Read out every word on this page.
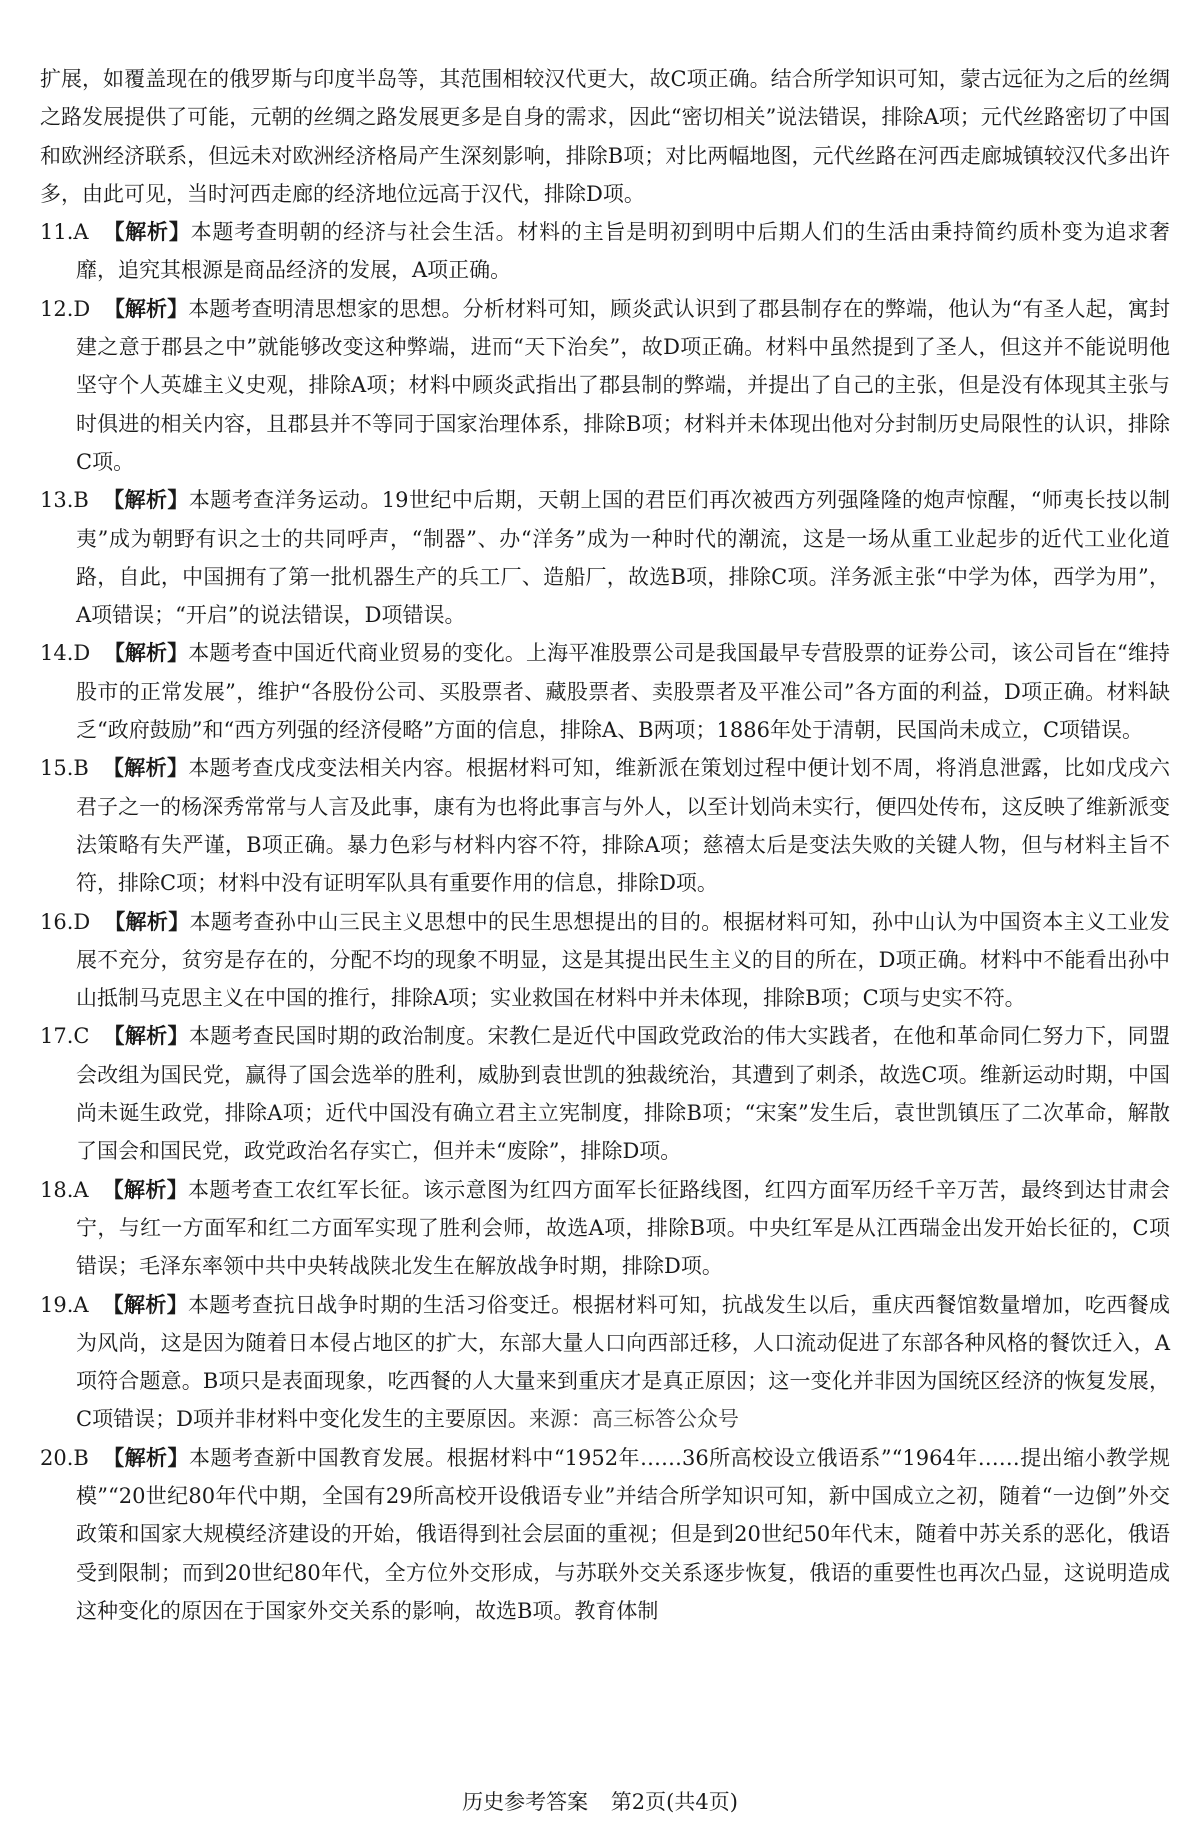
扩展，如覆盖现在的俄罗斯与印度半岛等，其范围相较汉代更大，故C项正确。结合所学知识可知，蒙古远征为之后的丝绸之路发展提供了可能，元朝的丝绸之路发展更多是自身的需求，因此“密切相关”说法错误，排除A项；元代丝路密切了中国和欧洲经济联系，但远未对欧洲经济格局产生深刻影响，排除B项；对比两幅地图，元代丝路在河西走廊城镇较汉代多出许多，由此可见，当时河西走廊的经济地位远高于汉代，排除D项。

11.A 【解析】本题考查明朝的经济与社会生活。材料的主旨是明初到明中后期人们的生活由秉持简约质朴变为追求奢靡，追究其根源是商品经济的发展，A项正确。

12.D 【解析】本题考查明清思想家的思想。分析材料可知，顾炎武认识到了郡县制存在的弊端，他认为“有圣人起，寓封建之意于郡县之中”就能够改变这种弊端，进而“天下治矣”，故D项正确。材料中虽然提到了圣人，但这并不能说明他坚守个人英雄主义史观，排除A项；材料中顾炎武指出了郡县制的弊端，并提出了自己的主张，但是没有体现其主张与时俱进的相关内容，且郡县并不等同于国家治理体系，排除B项；材料并未体现出他对分封制历史局限性的认识，排除C项。

13.B 【解析】本题考查洋务运动。19世纪中后期，天朝上国的君臣们再次被西方列强隆隆的炮声惊醒，“师夷长技以制夷”成为朝野有识之士的共同呼声，“制器”、办“洋务”成为一种时代的潮流，这是一场从重工业起步的近代工业化道路，自此，中国拥有了第一批机器生产的兵工厂、造船厂，故选B项，排除C项。洋务派主张“中学为体，西学为用”，A项错误；“开启”的说法错误，D项错误。

14.D 【解析】本题考查中国近代商业贸易的变化。上海平准股票公司是我国最早专营股票的证券公司，该公司旨在“维持股市的正常发展”，维护“各股份公司、买股票者、藏股票者、卖股票者及平准公司”各方面的利益，D项正确。材料缺乏“政府鼓励”和“西方列强的经济侵略”方面的信息，排除A、B两项；1886年处于清朝，民国尚未成立，C项错误。

15.B 【解析】本题考查戊戌变法相关内容。根据材料可知，维新派在策划过程中便计划不周，将消息泄露，比如戊戌六君子之一的杨深秀常常与人言及此事，康有为也将此事言与外人，以至计划尚未实行，便四处传布，这反映了维新派变法策略有失严谨，B项正确。暴力色彩与材料内容不符，排除A项；慈禧太后是变法失败的关键人物，但与材料主旨不符，排除C项；材料中没有证明军队具有重要作用的信息，排除D项。

16.D 【解析】本题考查孙中山三民主义思想中的民生思想提出的目的。根据材料可知，孙中山认为中国资本主义工业发展不充分，贫穷是存在的，分配不均的现象不明显，这是其提出民生主义的目的所在，D项正确。材料中不能看出孙中山抵制马克思主义在中国的推行，排除A项；实业救国在材料中并未体现，排除B项；C项与史实不符。

17.C 【解析】本题考查民国时期的政治制度。宋教仁是近代中国政党政治的伟大实践者，在他和革命同仁努力下，同盟会改组为国民党，赢得了国会选举的胜利，威胁到袁世凯的独裁统治，其遭到了刺杀，故选C项。维新运动时期，中国尚未诞生政党，排除A项；近代中国没有确立君主立宪制度，排除B项；“宋案”发生后，袁世凯镇压了二次革命，解散了国会和国民党，政党政治名存实亡，但并未“废除”，排除D项。

18.A 【解析】本题考查工农红军长征。该示意图为红四方面军长征路线图，红四方面军历经千辛万苦，最终到达甘肃会宁，与红一方面军和红二方面军实现了胜利会师，故选A项，排除B项。中央红军是从江西瑞金出发开始长征的，C项错误；毛泽东率领中共中央转战陕北发生在解放战争时期，排除D项。

19.A 【解析】本题考查抗日战争时期的生活习俗变迁。根据材料可知，抗战发生以后，重庆西餐馆数量增加，吃西餐成为风尚，这是因为随着日本侵占地区的扩大，东部大量人口向西部迁移，人口流动促进了东部各种风格的餐饮迁入，A项符合题意。B项只是表面现象，吃西餐的人大量来到重庆才是真正原因；这一变化并非因为国统区经济的恢复发展，C项错误；D项并非材料中变化发生的主要原因。来源：高三标答公众号

20.B 【解析】本题考查新中国教育发展。根据材料中“1952年……36所高校设立俄语系”“1964年……提出缩小教学规模”“20世纪80年代中期，全国有29所高校开设俄语专业”并结合所学知识可知，新中国成立之初，随着“一边倒”外交政策和国家大规模经济建设的开始，俄语得到社会层面的重视；但是到20世纪50年代末，随着中苏关系的恶化，俄语受到限制；而到20世纪80年代，全方位外交形成，与苏联外交关系逐步恢复，俄语的重要性也再次凸显，这说明造成这种变化的原因在于国家外交关系的影响，故选B项。教育体制

历史参考答案 第2页(共4页)
